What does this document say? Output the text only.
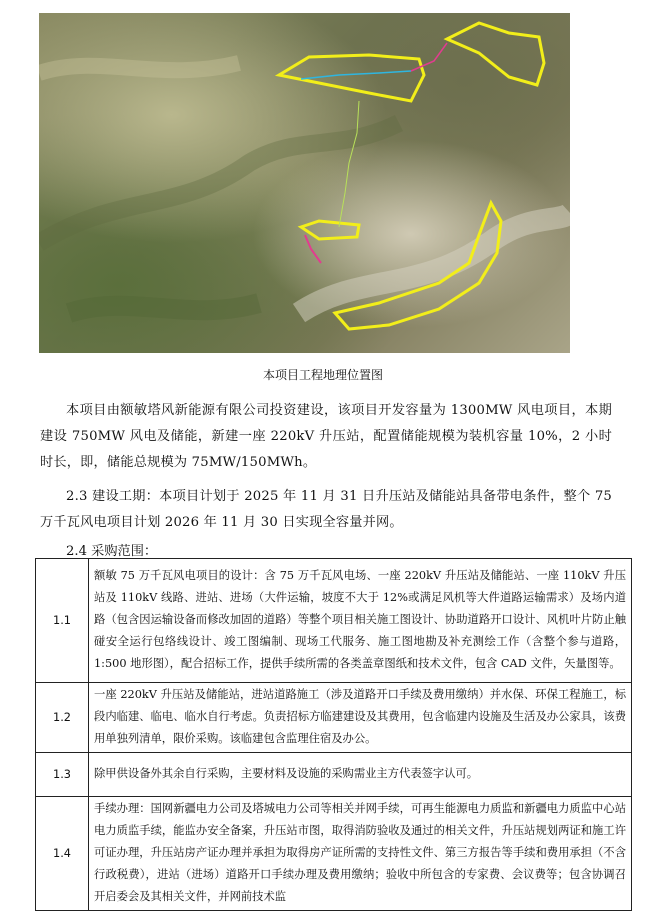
本项目工程地理位置图

本项目由额敏塔风新能源有限公司投资建设，该项目开发容量为 1300MW 风电项目，本期建设 750MW 风电及储能，新建一座 220kV 升压站，配置储能规模为装机容量 10%，2 小时时长，即，储能总规模为 75MW/150MWh。

2.3 建设工期：本项目计划于 2025 年 11 月 31 日升压站及储能站具备带电条件，整个 75 万千瓦风电项目计划 2026 年 11 月 30 日实现全容量并网。

2.4 采购范围：

1.1	额敏 75 万千瓦风电项目的设计：含 75 万千瓦风电场、一座 220kV 升压站及储能站、一座 110kV 升压站及 110kV 线路、进站、进场（大件运输，坡度不大于 12%或满足风机等大件道路运输需求）及场内道路（包含因运输设备而修改加固的道路）等整个项目相关施工图设计、协助道路开口设计、风机叶片防止触碰安全运行包络线设计、竣工图编制、现场工代服务、施工图地勘及补充测绘工作（含整个参与道路，1:500 地形图），配合招标工作，提供手续所需的各类盖章图纸和技术文件，包含 CAD 文件，矢量图等。
1.2	一座 220kV 升压站及储能站，进站道路施工（涉及道路开口手续及费用缴纳）并水保、环保工程施工，标段内临建、临电、临水自行考虑。负责招标方临建建设及其费用，包含临建内设施及生活及办公家具，该费用单独列清单，限价采购。该临建包含监理住宿及办公。
1.3	除甲供设备外其余自行采购，主要材料及设施的采购需业主方代表签字认可。
1.4	手续办理：国网新疆电力公司及塔城电力公司等相关并网手续，可再生能源电力质监和新疆电力质监中心站电力质监手续，能监办安全备案，升压站市图，取得消防验收及通过的相关文件，升压站规划两证和施工许可证办理，升压站房产证办理并承担为取得房产证所需的支持性文件、第三方报告等手续和费用承担（不含行政税费），进站（进场）道路开口手续办理及费用缴纳；验收中所包含的专家费、会议费等；包含协调召开启委会及其相关文件，并网前技术监
